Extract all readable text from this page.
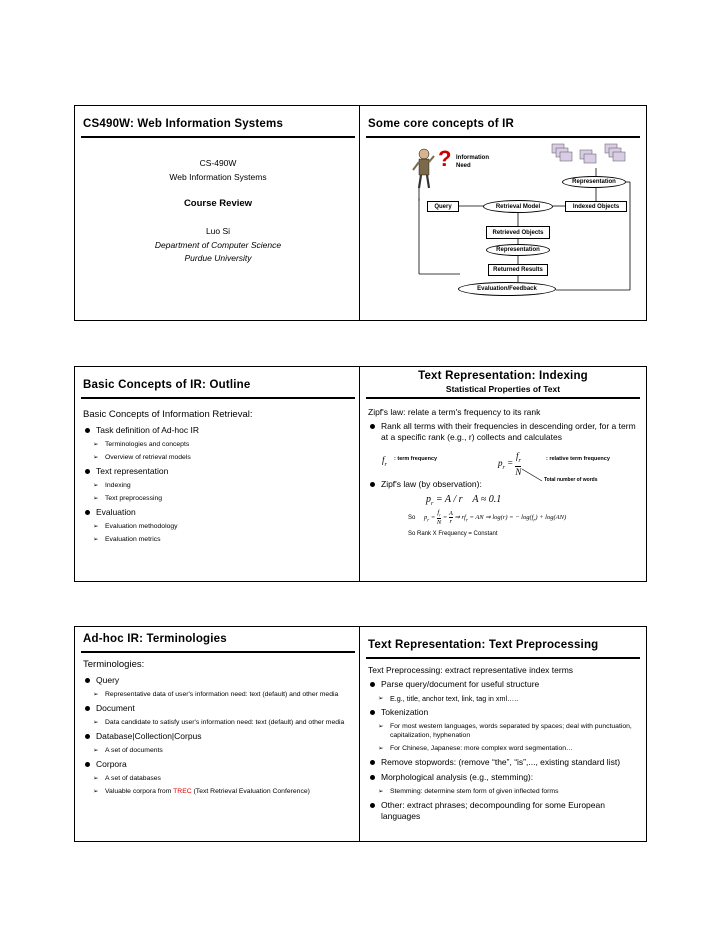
CS490W: Web Information Systems
CS-490W
Web Information Systems
Course Review
Luo Si
Department of Computer Science
Purdue University
Some core concepts of IR
? Information Need
Representation
Query	Retrieval Model	Indexed Objects
Retrieved Objects
Representation
Returned Results
Evaluation/Feedback
Basic Concepts of IR: Outline
Basic Concepts of Information Retrieval:
Task definition of Ad-hoc IR
➢ Terminologies and concepts
➢ Overview of retrieval models
Text representation
➢ Indexing
➢ Text preprocessing
Evaluation
➢ Evaluation methodology
➢ Evaluation metrics
Text Representation: Indexing
Statistical Properties of Text
Zipf's law: relate a term's frequency to its rank
Rank all terms with their frequencies in descending order, for a term at a specific rank (e.g., r) collects and calculates
$f_r$
: term frequency	$p_r = \frac{f_r}{N}$	: relative term frequency
Total number of words
Zipf's law (by observation):
$p_r = A / r$    A ≈ 0.1
So $p_r = \frac{f_r}{N} = \frac{A}{r}$ ⇒ $rf_r$ = AN ⇒ log(r) = − $\log(f_r) + \log(AN)$
So Rank X Frequency = Constant
Ad-hoc IR: Terminologies
Terminologies:
Query
➢ Representative data of user's information need: text (default) and other media
Document
➢ Data candidate to satisfy user's information need: text (default) and other media
Database|Collection|Corpus
➢ A set of documents
Corpora
➢ A set of databases
➢ Valuable corpora from TREC (Text Retrieval Evaluation Conference)
Text Representation: Text Preprocessing
Text Preprocessing: extract representative index terms
Parse query/document for useful structure
➢ E.g., title, anchor text, link, tag in xml…..
Tokenization
➢ For most western languages, words separated by spaces; deal with punctuation, capitalization, hyphenation
➢ For Chinese, Japanese: more complex word segmentation…
Remove stopwords: (remove “the”, “is”,..., existing standard list)
Morphological analysis (e.g., stemming):
➢ Stemming: determine stem form of given inflected forms
Other: extract phrases; decompounding for some European languages
